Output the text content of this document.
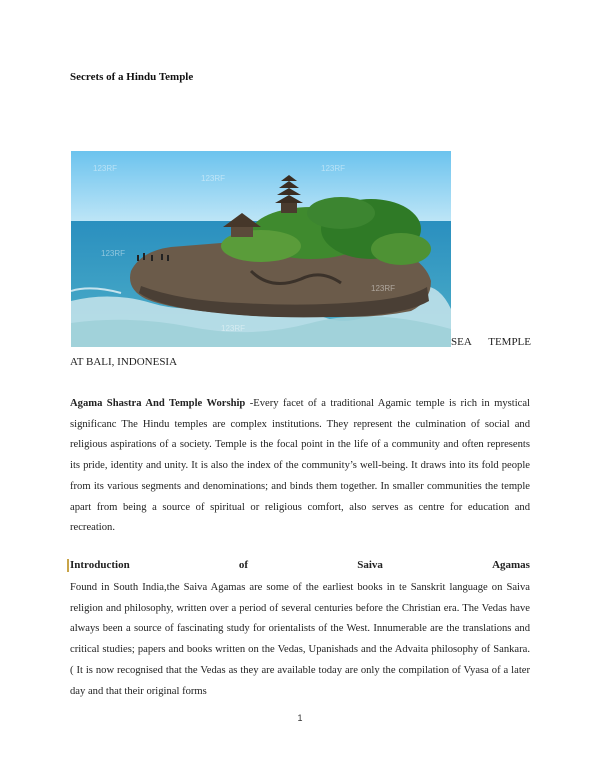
Secrets of a Hindu Temple
123RF
123RF
123RF
123RF
123RF
123RF
SEA TEMPLE
AT BALI, INDONESIA
Agama Shastra And Temple Worship -Every facet of a traditional Agamic temple is rich in mystical significanc The Hindu temples are complex institutions. They represent the culmination of social and religious aspirations of a society. Temple is the focal point in the life of a community and often represents its pride, identity and unity. It is also the index of the community’s well-being. It draws into its fold people from its various segments and denominations; and binds them together. In smaller communities the temple apart from being a source of spiritual or religious comfort, also serves as centre for education and recreation.
Introduction	of	Saiva	Agamas
Found in South India,the Saiva Agamas are some of the earliest books in te Sanskrit language on Saiva religion and philosophy, written over a period of several centuries before the Christian era. The Vedas have always been a source of fascinating study for orientalists of the West. Innumerable are the translations and critical studies; papers and books written on the Vedas, Upanishads and the Advaita philosophy of Sankara. ( It is now recognised that the Vedas as they are available today are only the compilation of Vyasa of a later day and that their original forms
1
